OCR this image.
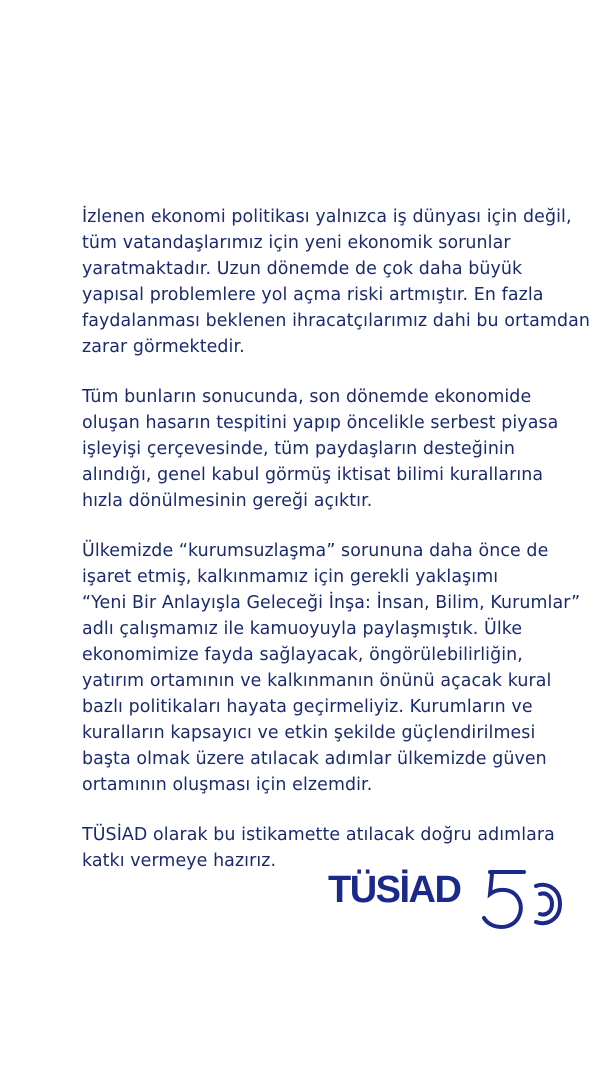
İzlenen ekonomi politikası yalnızca iş dünyası için değil,
tüm vatandaşlarımız için yeni ekonomik sorunlar
yaratmaktadır. Uzun dönemde de çok daha büyük
yapısal problemlere yol açma riski artmıştır. En fazla
faydalanması beklenen ihracatçılarımız dahi bu ortamdan
zarar görmektedir.

Tüm bunların sonucunda, son dönemde ekonomide
oluşan hasarın tespitini yapıp öncelikle serbest piyasa
işleyişi çerçevesinde, tüm paydaşların desteğinin
alındığı, genel kabul görmüş iktisat bilimi kurallarına
hızla dönülmesinin gereği açıktır.

Ülkemizde “kurumsuzlaşma” sorununa daha önce de
işaret etmiş, kalkınmamız için gerekli yaklaşımı
“Yeni Bir Anlayışla Geleceği İnşa: İnsan, Bilim, Kurumlar”
adlı çalışmamız ile kamuoyuyla paylaşmıştık. Ülke
ekonomimize fayda sağlayacak, öngörülebilirliğin,
yatırım ortamının ve kalkınmanın önünü açacak kural
bazlı politikaları hayata geçirmeliyiz. Kurumların ve
kuralların kapsayıcı ve etkin şekilde güçlendirilmesi
başta olmak üzere atılacak adımlar ülkemizde güven
ortamının oluşması için elzemdir.

TÜSİAD olarak bu istikamette atılacak doğru adımlara
katkı vermeye hazırız.

TÜSİAD
